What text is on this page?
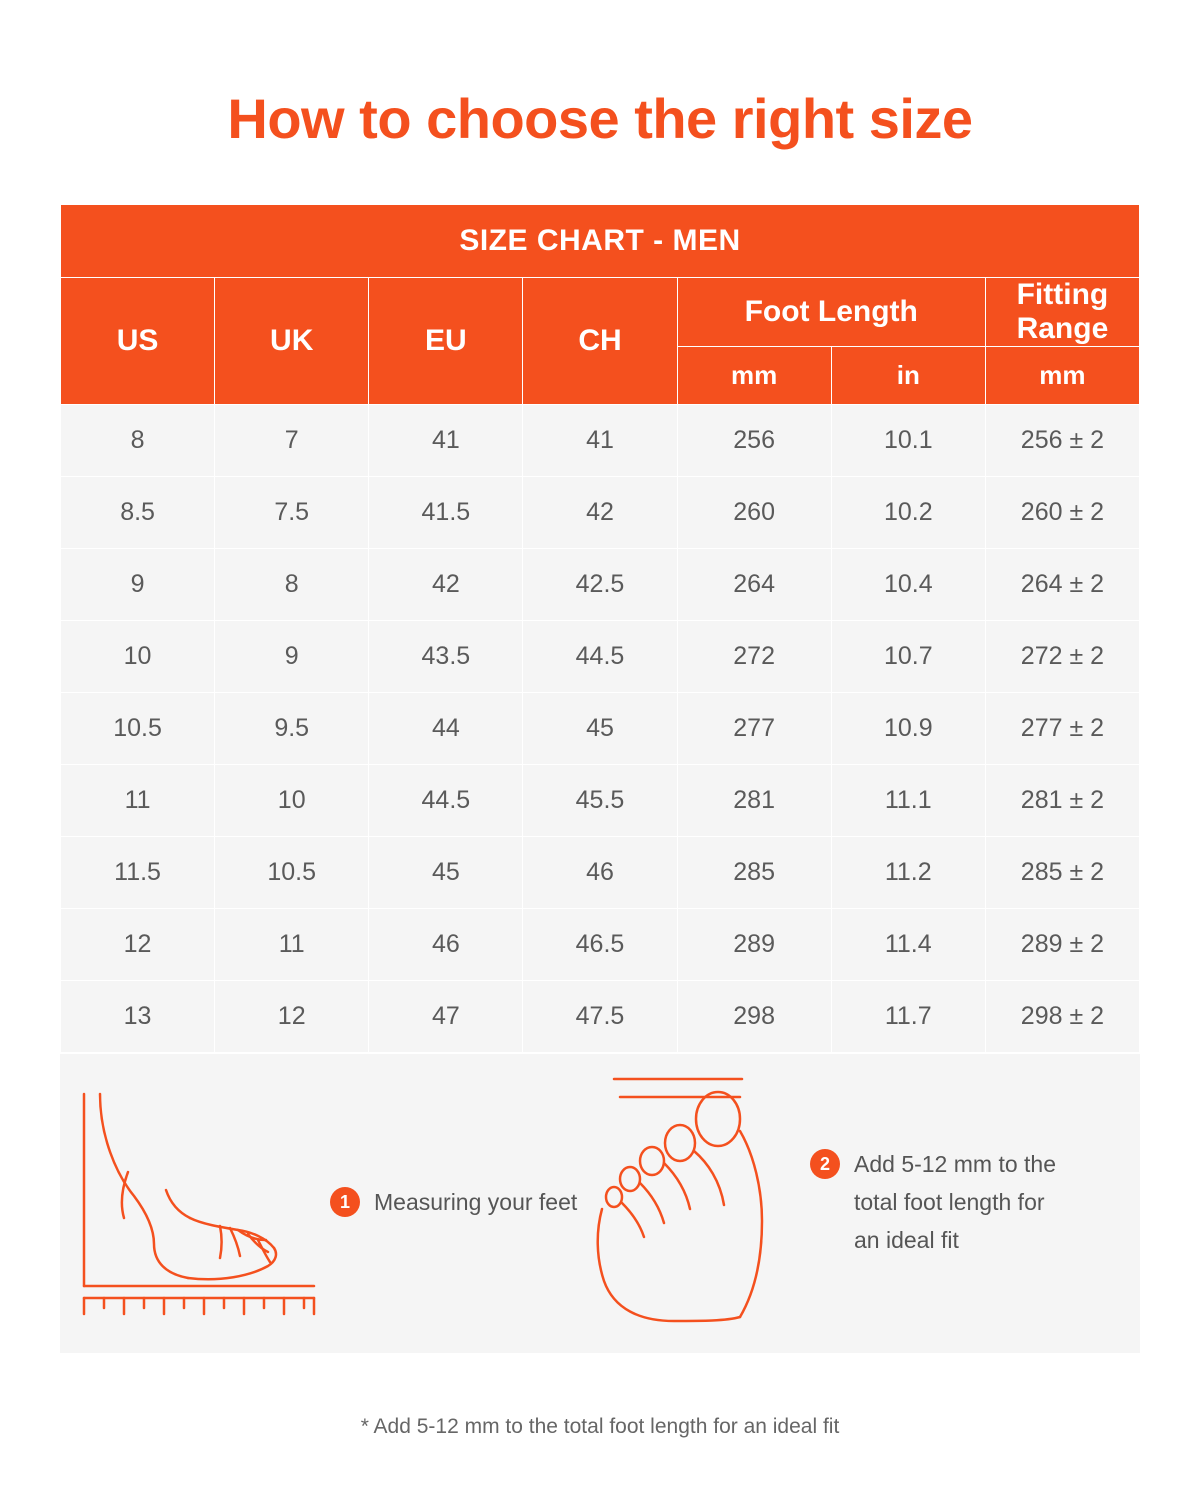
How to choose the right size
SIZE CHART - MEN						
US	UK	EU	CH	Foot Length		Fitting Range
				mm	in	mm
8	7	41	41	256	10.1	256 ± 2
8.5	7.5	41.5	42	260	10.2	260 ± 2
9	8	42	42.5	264	10.4	264 ± 2
10	9	43.5	44.5	272	10.7	272 ± 2
10.5	9.5	44	45	277	10.9	277 ± 2
11	10	44.5	45.5	281	11.1	281 ± 2
11.5	10.5	45	46	285	11.2	285 ± 2
12	11	46	46.5	289	11.4	289 ± 2
13	12	47	47.5	298	11.7	298 ± 2
1	Measuring your feet
2	Add 5-12 mm to the total foot length for an ideal fit
* Add 5-12 mm to the total foot length for an ideal fit
